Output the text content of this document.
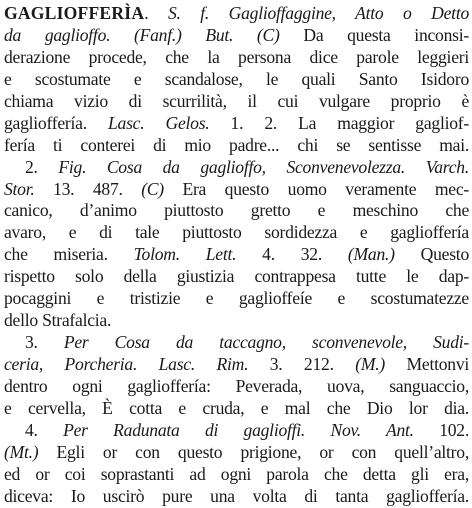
GAGLIOFFERÌA. S. f. Gaglioffaggine, Atto o Detto
da gaglioffo. (Fanf.) But. (C) Da questa inconsi-
derazione procede, che la persona dice parole leggieri
e scostumate e scandalose, le quali Santo Isidoro
chiama vizio di scurrilità, il cui vulgare proprio è
gaglioffería. Lasc. Gelos. 1. 2. La maggior gagliof-
fería ti conterei di mio padre... chi se sentisse mai.
2. Fig. Cosa da gaglioffo, Sconvenevolezza. Varch.
Stor. 13. 487. (C) Era questo uomo veramente mec-
canico, d’animo piuttosto gretto e meschino che
avaro, e di tale piuttosto sordidezza e gaglioffería
che miseria. Tolom. Lett. 4. 32. (Man.) Questo
rispetto solo della giustizia contrappesa tutte le dap-
pocaggini e tristizie e gaglioffeíe e scostumatezze
dello Strafalcia.
3. Per Cosa da taccagno, sconvenevole, Sudi-
ceria, Porcheria. Lasc. Rim. 3. 212. (M.) Mettonvi
dentro ogni gaglioffería: Peverada, uova, sanguaccio,
e cervella, È cotta e cruda, e mal che Dio lor dia.
4. Per Radunata di gaglioffi. Nov. Ant. 102.
(Mt.) Egli or con questo prigione, or con quell’altro,
ed or coi soprastanti ad ogni parola che detta gli era,
diceva: Io uscirò pure una volta di tanta gaglioffería.
